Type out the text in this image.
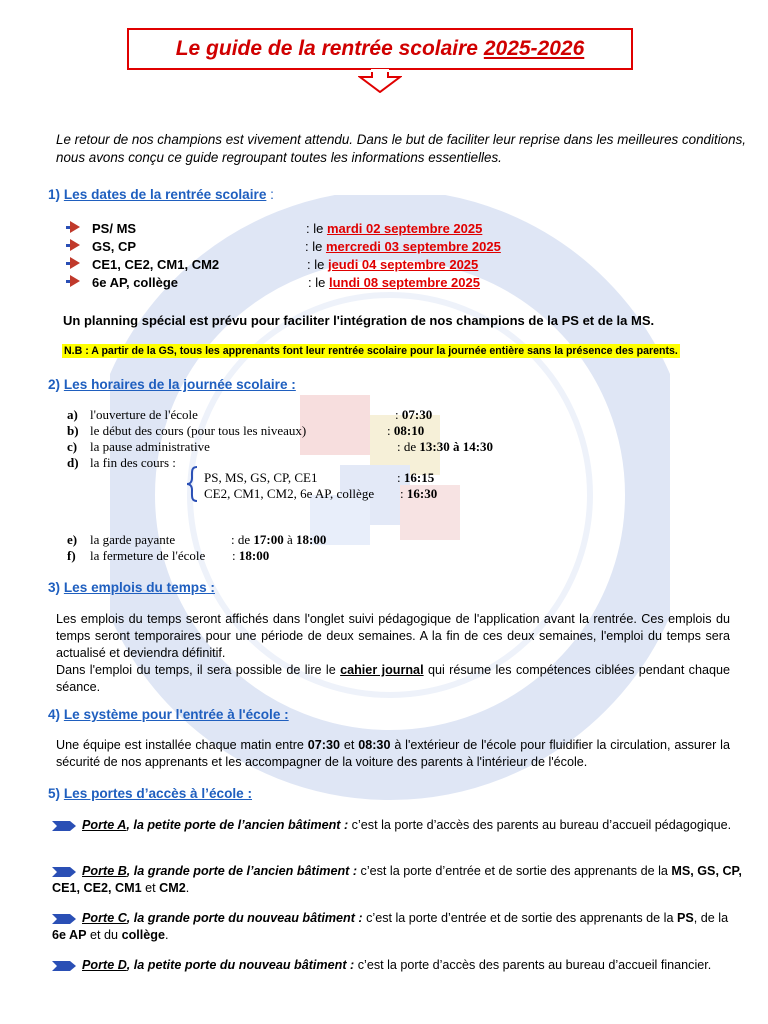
Le guide de la rentrée scolaire 2025-2026
Le retour de nos champions est vivement attendu. Dans le but de faciliter leur reprise dans les meilleures conditions, nous avons conçu ce guide regroupant toutes les informations essentielles.
1) Les dates de la rentrée scolaire :
PS/ MS	: le mardi 02 septembre 2025
GS, CP	: le mercredi 03 septembre 2025
CE1, CE2, CM1, CM2	: le jeudi 04 septembre 2025
6e AP, collège	: le lundi 08 septembre 2025
Un planning spécial est prévu pour faciliter l'intégration de nos champions de la PS et de la MS.
N.B : A partir de la GS, tous les apprenants font leur rentrée scolaire pour la journée entière sans la présence des parents.
2) Les horaires de la journée scolaire :
a) l'ouverture de l'école	: 07:30
b) le début des cours (pour tous les niveaux)	: 08:10
c) la pause administrative	: de 13:30 à 14:30
d) la fin des cours :
PS, MS, GS, CP, CE1	: 16:15
CE2, CM1, CM2, 6e AP, collège : 16:30
e) la garde payante	: de 17:00 à 18:00
f) la fermeture de l'école : 18:00
3) Les emplois du temps :
Les emplois du temps seront affichés dans l'onglet suivi pédagogique de l'application avant la rentrée. Ces emplois du temps seront temporaires pour une période de deux semaines. A la fin de ces deux semaines, l'emploi du temps sera actualisé et deviendra définitif.
Dans l'emploi du temps, il sera possible de lire le cahier journal qui résume les compétences ciblées pendant chaque séance.
4) Le système pour l'entrée à l'école :
Une équipe est installée chaque matin entre 07:30 et 08:30 à l'extérieur de l'école pour fluidifier la circulation, assurer la sécurité de nos apprenants et les accompagner de la voiture des parents à l'intérieur de l'école.
5) Les portes d’accès à l’école :
Porte A, la petite porte de l’ancien bâtiment : c’est la porte d’accès des parents au bureau d’accueil pédagogique.
Porte B, la grande porte de l’ancien bâtiment : c’est la porte d’entrée et de sortie des apprenants de la MS, GS, CP, CE1, CE2, CM1 et CM2.
Porte C, la grande porte du nouveau bâtiment : c’est la porte d’entrée et de sortie des apprenants de la PS, de la 6e AP et du collège.
Porte D, la petite porte du nouveau bâtiment : c’est la porte d’accès des parents au bureau d’accueil financier.
